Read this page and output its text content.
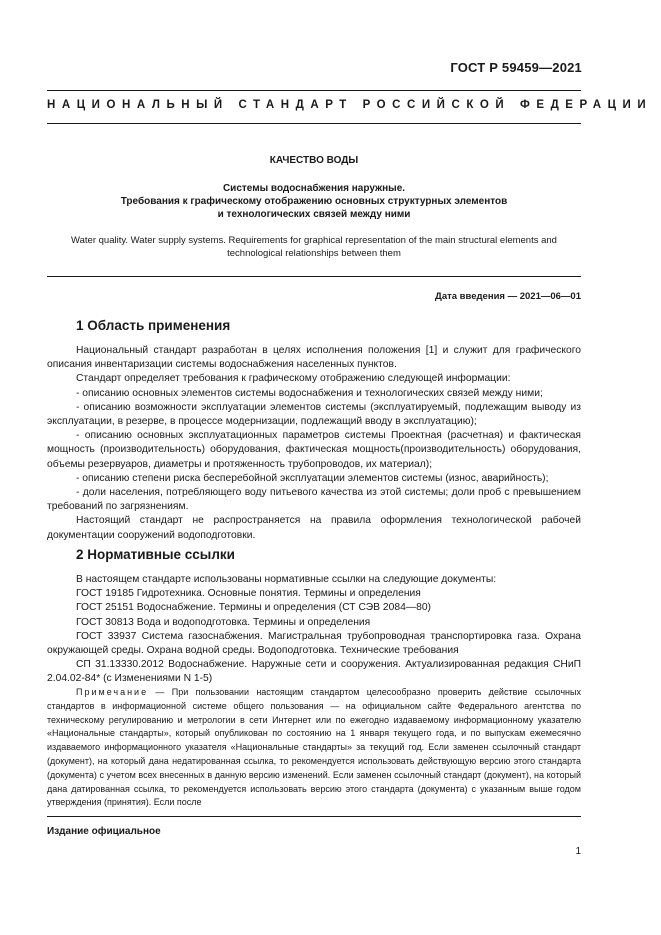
ГОСТ Р 59459—2021
НАЦИОНАЛЬНЫЙ СТАНДАРТ РОССИЙСКОЙ ФЕДЕРАЦИИ
КАЧЕСТВО ВОДЫ
Системы водоснабжения наружные.
Требования к графическому отображению основных структурных элементов
и технологических связей между ними
Water quality. Water supply systems. Requirements for graphical representation of the main structural elements and
technological relationships between them
Дата введения — 2021—06—01
1 Область применения

Национальный стандарт разработан в целях исполнения положения [1] и служит для графического описания инвентаризации системы водоснабжения населенных пунктов.

Стандарт определяет требования к графическому отображению следующей информации:

- описанию основных элементов системы водоснабжения и технологических связей между ними;

- описанию возможности эксплуатации элементов системы (эксплуатируемый, подлежащим выводу из эксплуатации, в резерве, в процессе модернизации, подлежащий вводу в эксплуатацию);

- описанию основных эксплуатационных параметров системы Проектная (расчетная) и фактическая мощность (производительность) оборудования, фактическая мощность(производительность) оборудования, объемы резервуаров, диаметры и протяженность трубопроводов, их материал);

- описанию степени риска бесперебойной эксплуатации элементов системы (износ, аварийность);

- доли населения, потребляющего воду питьевого качества из этой системы; доли проб с превышением требований по загрязнениям.

Настоящий стандарт не распространяется на правила оформления технологической рабочей документации сооружений водоподготовки.

2 Нормативные ссылки

В настоящем стандарте использованы нормативные ссылки на следующие документы:

ГОСТ 19185 Гидротехника. Основные понятия. Термины и определения

ГОСТ 25151 Водоснабжение. Термины и определения (СТ СЭВ 2084—80)

ГОСТ 30813 Вода и водоподготовка. Термины и определения

ГОСТ 33937 Система газоснабжения. Магистральная трубопроводная транспортировка газа. Охрана окружающей среды. Охрана водной среды. Водоподготовка. Технические требования

СП 31.13330.2012 Водоснабжение. Наружные сети и сооружения. Актуализированная редакция СНиП 2.04.02-84* (с Изменениями N 1-5)

Примечание — При пользовании настоящим стандартом целесообразно проверить действие ссылочных стандартов в информационной системе общего пользования — на официальном сайте Федерального агентства по техническому регулированию и метрологии в сети Интернет или по ежегодно издаваемому информационному указателю «Национальные стандарты», который опубликован по состоянию на 1 января текущего года, и по выпускам ежемесячно издаваемого информационного указателя «Национальные стандарты» за текущий год. Если заменен ссылочный стандарт (документ), на который дана недатированная ссылка, то рекомендуется использовать действующую версию этого стандарта (документа) с учетом всех внесенных в данную версию изменений. Если заменен ссылочный стандарт (документ), на который дана датированная ссылка, то рекомендуется использовать версию этого стандарта (документа) с указанным выше годом утверждения (принятия). Если после
Издание официальное
1
